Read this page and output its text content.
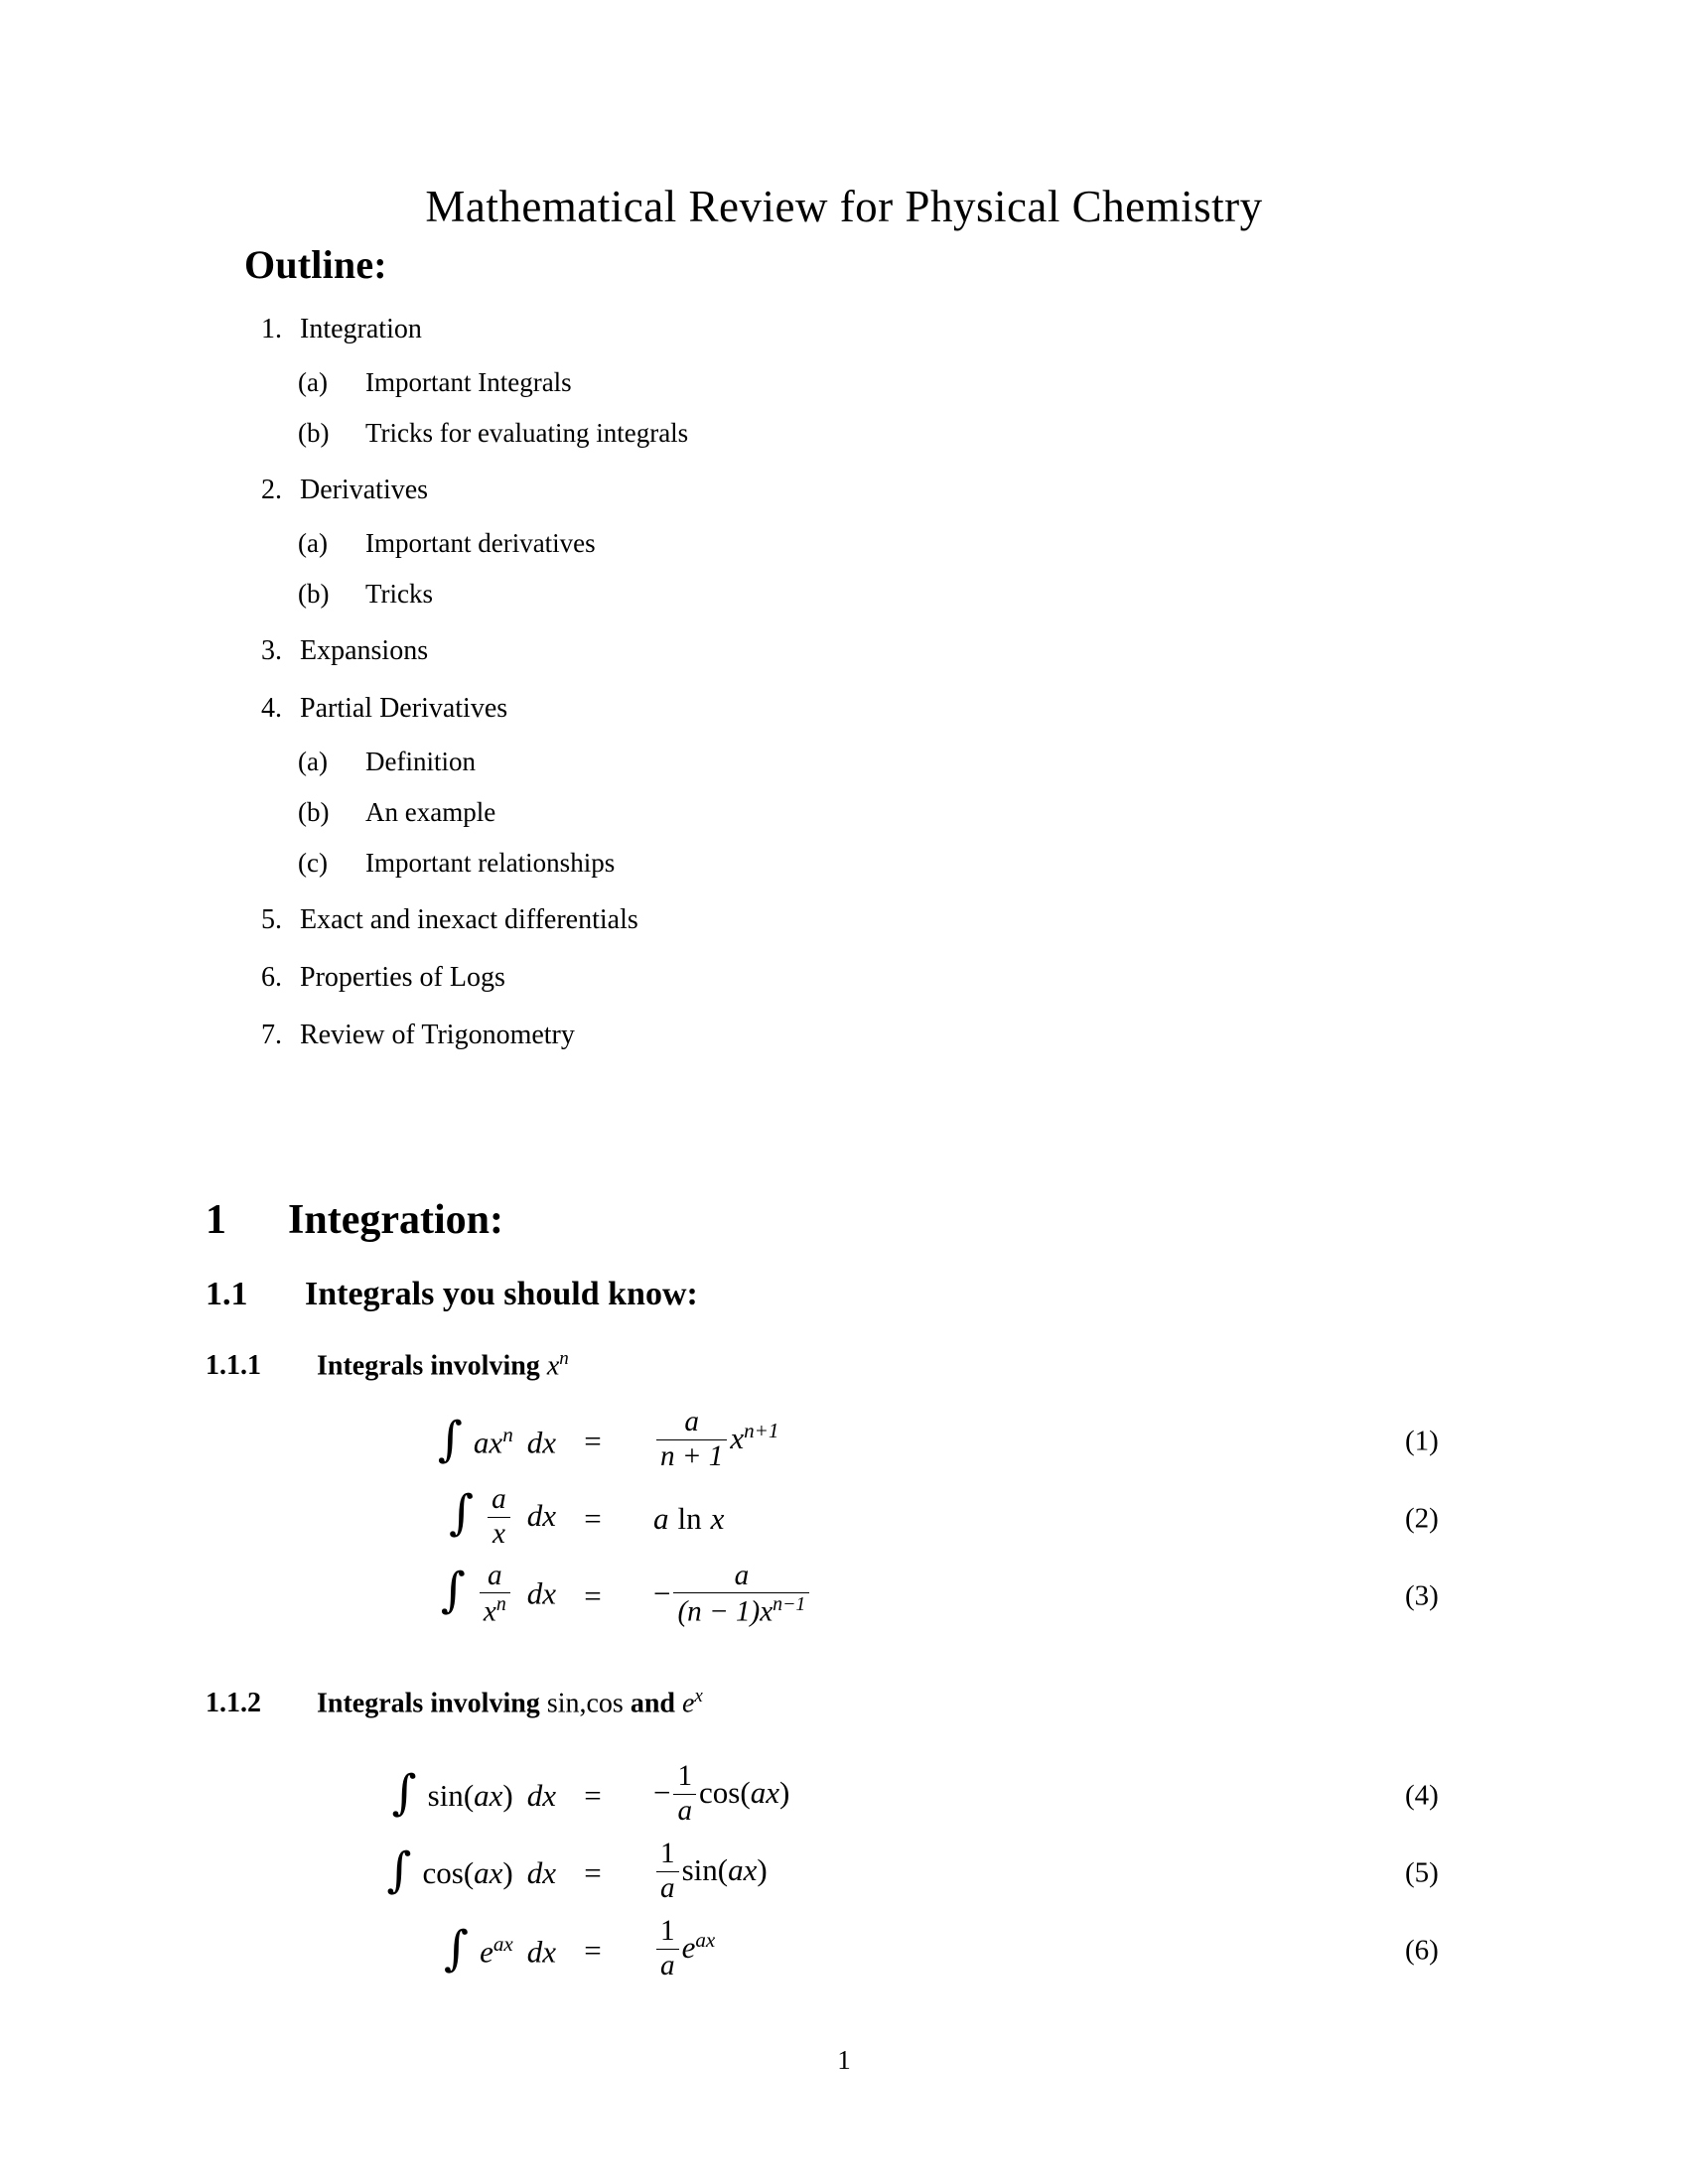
Mathematical Review for Physical Chemistry
Outline:
1. Integration
(a)	Important Integrals
(b)	Tricks for evaluating integrals
2. Derivatives
(a)	Important derivatives
(b)	Tricks
3. Expansions
4. Partial Derivatives
(a)	Definition
(b)	An example
(c)	Important relationships
5. Exact and inexact differentials
6. Properties of Logs
7. Review of Trigonometry
1 Integration:
1.1 Integrals you should know:
1.1.1 Integrals involving $x^n$
∫ $ax^n$ dx =	$\frac{a}{n + 1} x^{n+1}$	(1)
∫ $\frac{a}{x}$ dx =	a ln x	(2)
∫ $\frac{a}{x^n}$ dx =	− $\frac{a}{(n - 1)x^{n-1}}$	(3)
1.1.2 Integrals involving sin,cos and $e^x$
∫ sin(ax) dx =	− $\frac{1}{a} \cos(ax)$	(4)
∫ cos(ax) dx =	$\frac{1}{a} \sin(ax)$	(5)
∫ $e^{ax}$ dx =	$\frac{1}{a} e^{ax}$	(6)
1
